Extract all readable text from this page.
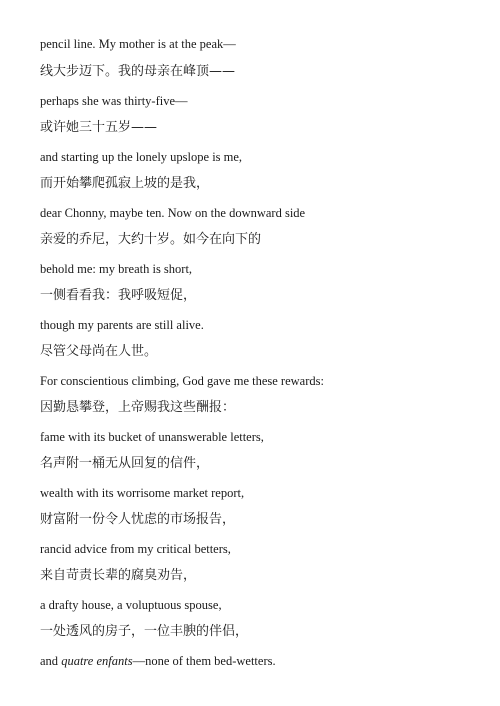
pencil line. My mother is at the peak—
线大步迈下。我的母亲在峰顶——
perhaps she was thirty-five—
或许她三十五岁——
and starting up the lonely upslope is me,
而开始攀爬孤寂上坡的是我，
dear Chonny, maybe ten. Now on the downward side
亲爱的乔尼，大约十岁。如今在向下的
behold me: my breath is short,
一侧看看我：我呼吸短促，
though my parents are still alive.
尽管父母尚在人世。
For conscientious climbing, God gave me these rewards:
因勤恳攀登，上帝赐我这些酬报：
fame with its bucket of unanswerable letters,
名声附一桶无从回复的信件，
wealth with its worrisome market report,
财富附一份令人忧虑的市场报告，
rancid advice from my critical betters,
来自苛责长辈的腐臭劝告，
a drafty house, a voluptuous spouse,
一处透风的房子，一位丰腴的伴侣，
and quatre enfants—none of them bed-wetters.
